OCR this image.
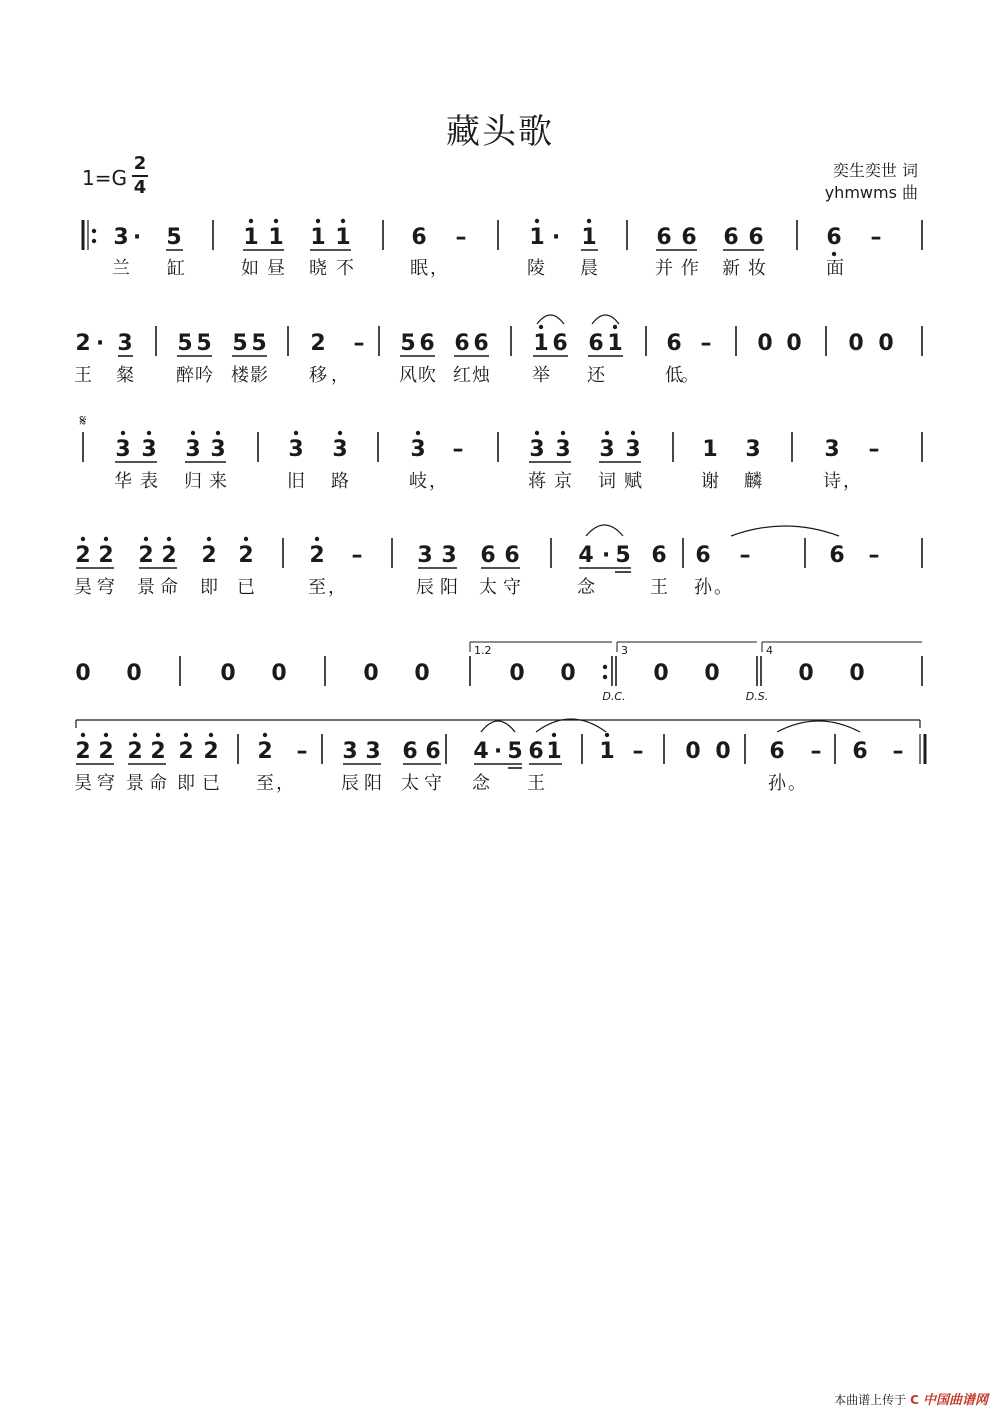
藏头歌
1=G
2
4
奕生奕世 词
yhmwms 曲
3 · 5	1 1 1 1	6 –	1 · 1	6 6 6 6	6 –
兰 缸	如 昼 晓 不	眠 ，	陵 晨	并 作 新 妆	面
2 · 3 5 5 5 5 2 – 5 6 6 6 1 6 6 1 6 – 0 0 0 0
王 粲 醉 吟 楼 影 移 ，	风 吹 红 烛 举 还	低
。
3 3 3 3	3 3	3 –	3 3 3 3	1 3	3 –
𝄋
华 表 归 来	旧 路	岐 ，	蒋 京 词 赋	谢 麟	诗 ，
2 2 2 2 2 2	2 – 3 3 6 6	4 · 5 6 6 –	6 –
昊 穹 景 命 即 已	至 ，	辰 阳 太 守	念	王 孙 。
0 0	0 0	0 0	0 0	0 0	0 0
1.2	3	4
D.C.	D.S.
2 2 2 2 2 2 2 – 3 3 6 6 4 · 5 6 1 1 – 0 0 6 – 6 –
昊 穹 景 命 即 已 至 ，	辰 阳 太 守 念 王	孙 。
本曲谱上传于 C 中国曲谱网
